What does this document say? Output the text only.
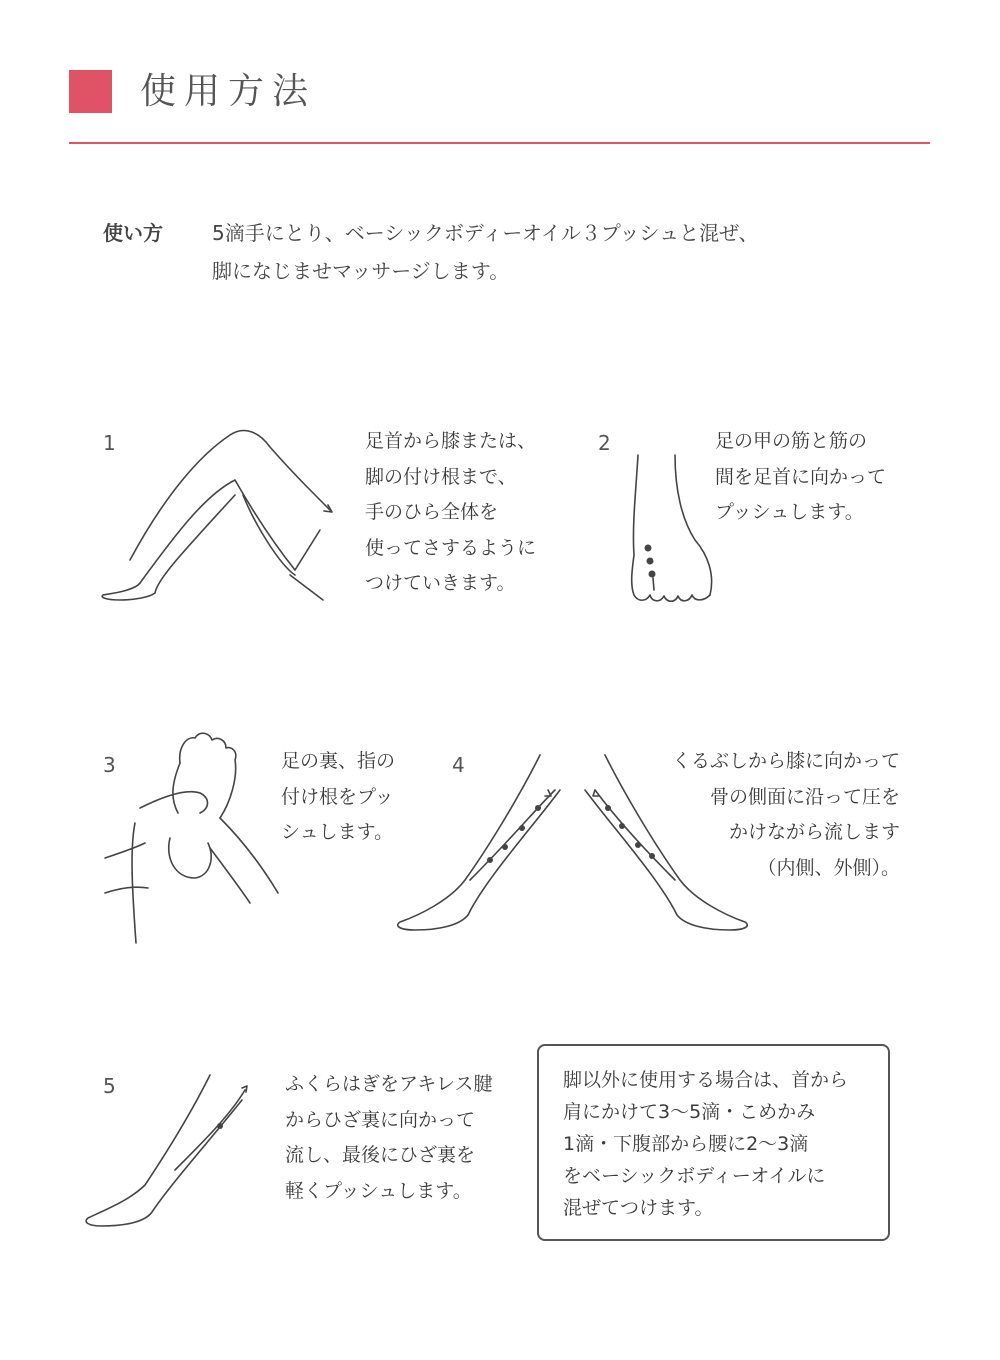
使用方法
使い方 5滴手にとり、ベーシックボディーオイル３プッシュと混ぜ、
脚になじませマッサージします。
1	足首から膝または、
脚の付け根まで、
手のひら全体を
使ってさするように
つけていきます。
2	足の甲の筋と筋の
間を足首に向かって
プッシュします。
3	足の裏、指の
付け根をプッ
シュします。
4	くるぶしから膝に向かって
骨の側面に沿って圧を
かけながら流します
（内側、外側）。
5	ふくらはぎをアキレス腱
からひざ裏に向かって
流し、最後にひざ裏を
軽くプッシュします。
脚以外に使用する場合は、首から
肩にかけて3〜5滴・こめかみ
1滴・下腹部から腰に2〜3滴
をベーシックボディーオイルに
混ぜてつけます。
